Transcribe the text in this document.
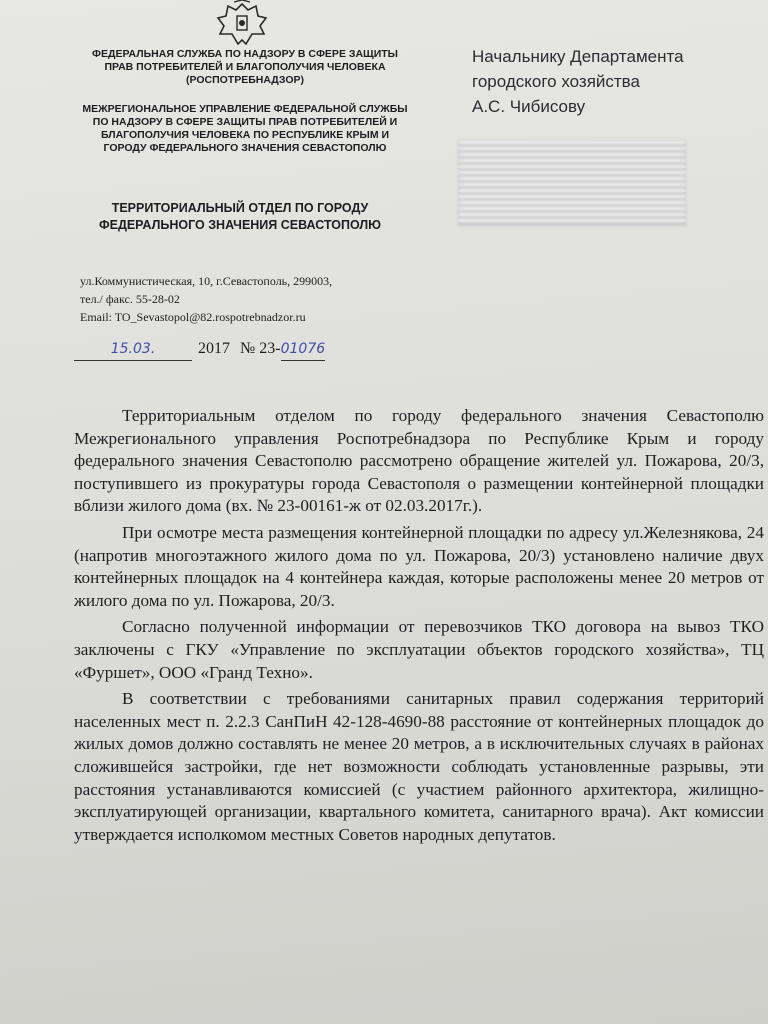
ФЕДЕРАЛЬНАЯ СЛУЖБА ПО НАДЗОРУ В СФЕРЕ ЗАЩИТЫ ПРАВ ПОТРЕБИТЕЛЕЙ И БЛАГОПОЛУЧИЯ ЧЕЛОВЕКА (РОСПОТРЕБНАДЗОР)
МЕЖРЕГИОНАЛЬНОЕ УПРАВЛЕНИЕ ФЕДЕРАЛЬНОЙ СЛУЖБЫ ПО НАДЗОРУ В СФЕРЕ ЗАЩИТЫ ПРАВ ПОТРЕБИТЕЛЕЙ И БЛАГОПОЛУЧИЯ ЧЕЛОВЕКА ПО РЕСПУБЛИКЕ КРЫМ И ГОРОДУ ФЕДЕРАЛЬНОГО ЗНАЧЕНИЯ СЕВАСТОПОЛЮ
ТЕРРИТОРИАЛЬНЫЙ ОТДЕЛ ПО ГОРОДУ ФЕДЕРАЛЬНОГО ЗНАЧЕНИЯ СЕВАСТОПОЛЮ
ул.Коммунистическая, 10, г.Севастополь, 299003,
тел./ факс. 55-28-02
Email: TO_Sevastopol@82.rospotrebnadzor.ru
Начальнику Департамента
городского хозяйства
А.С. Чибисову
15.03.	2017 № 23- 01076

Территориальным отделом по городу федерального значения Севастополю Межрегионального управления Роспотребнадзора по Республике Крым и городу федерального значения Севастополю рассмотрено обращение жителей ул. Пожарова, 20/3, поступившего из прокуратуры города Севастополя о размещении контейнерной площадки вблизи жилого дома (вх. № 23-00161-ж от 02.03.2017г.).

При осмотре места размещения контейнерной площадки по адресу ул.Железнякова, 24 (напротив многоэтажного жилого дома по ул. Пожарова, 20/3) установлено наличие двух контейнерных площадок на 4 контейнера каждая, которые расположены менее 20 метров от жилого дома по ул. Пожарова, 20/3.

Согласно полученной информации от перевозчиков ТКО договора на вывоз ТКО заключены с ГКУ «Управление по эксплуатации объектов городского хозяйства», ТЦ «Фуршет», ООО «Гранд Техно».

В соответствии с требованиями санитарных правил содержания территорий населенных мест п. 2.2.3 СанПиН 42-128-4690-88 расстояние от контейнерных площадок до жилых домов должно составлять не менее 20 метров, а в исключительных случаях в районах сложившейся застройки, где нет возможности соблюдать установленные разрывы, эти расстояния устанавливаются комиссией (с участием районного архитектора, жилищно-эксплуатирующей организации, квартального комитета, санитарного врача). Акт комиссии утверждается исполкомом местных Советов народных депутатов.
